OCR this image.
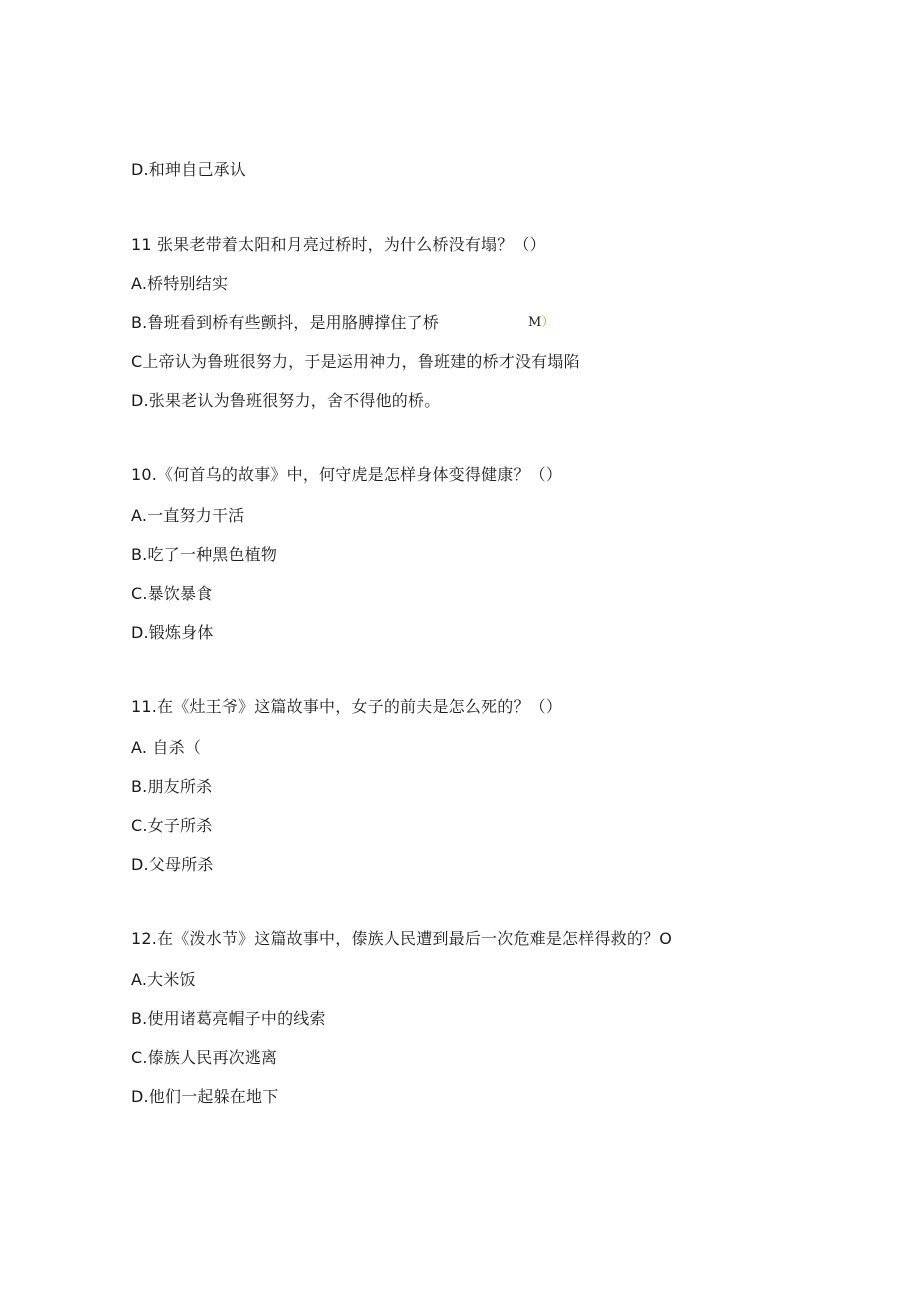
D.和珅自己承认
11 张果老带着太阳和月亮过桥时，为什么桥没有塌？（）
A.桥特别结实
B.鲁班看到桥有些颤抖，是用胳膊撑住了桥	M）
C上帝认为鲁班很努力，于是运用神力，鲁班建的桥才没有塌陷
D.张果老认为鲁班很努力，舍不得他的桥。
10.《何首乌的故事》中，何守虎是怎样身体变得健康？（）
A.一直努力干活
B.吃了一种黑色植物
C.暴饮暴食
D.锻炼身体
11.在《灶王爷》这篇故事中，女子的前夫是怎么死的？（）
A. 自杀（
B.朋友所杀
C.女子所杀
D.父母所杀
12.在《泼水节》这篇故事中，傣族人民遭到最后一次危难是怎样得救的？O
A.大米饭
B.使用诸葛亮帽子中的线索
C.傣族人民再次逃离
D.他们一起躲在地下
